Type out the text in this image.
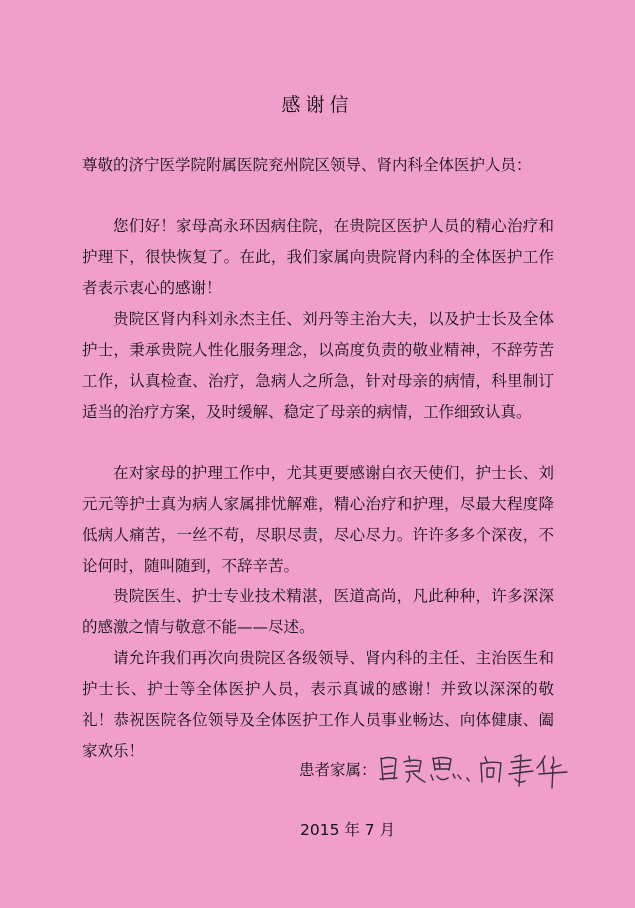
感谢信
尊敬的济宁医学院附属医院兖州院区领导、肾内科全体医护人员：
您们好！家母高永环因病住院，在贵院区医护人员的精心治疗和护理下，很快恢复了。在此，我们家属向贵院肾内科的全体医护工作者表示衷心的感谢！
贵院区肾内科刘永杰主任、刘丹等主治大夫，以及护士长及全体护士，秉承贵院人性化服务理念，以高度负责的敬业精神，不辞劳苦工作，认真检查、治疗，急病人之所急，针对母亲的病情，科里制订适当的治疗方案，及时缓解、稳定了母亲的病情，工作细致认真。
在对家母的护理工作中，尤其更要感谢白衣天使们，护士长、刘元元等护士真为病人家属排忧解难，精心治疗和护理，尽最大程度降低病人痛苦，一丝不苟，尽职尽责，尽心尽力。许许多多个深夜，不论何时，随叫随到，不辞辛苦。
贵院医生、护士专业技术精湛，医道高尚，凡此种种，许多深深的感激之情与敬意不能——尽述。
请允许我们再次向贵院区各级领导、肾内科的主任、主治医生和护士长、护士等全体医护人员，表示真诚的感谢！并致以深深的敬礼！恭祝医院各位领导及全体医护工作人员事业畅达、向体健康、阖家欢乐！
患者家属：
2015 年 7 月
